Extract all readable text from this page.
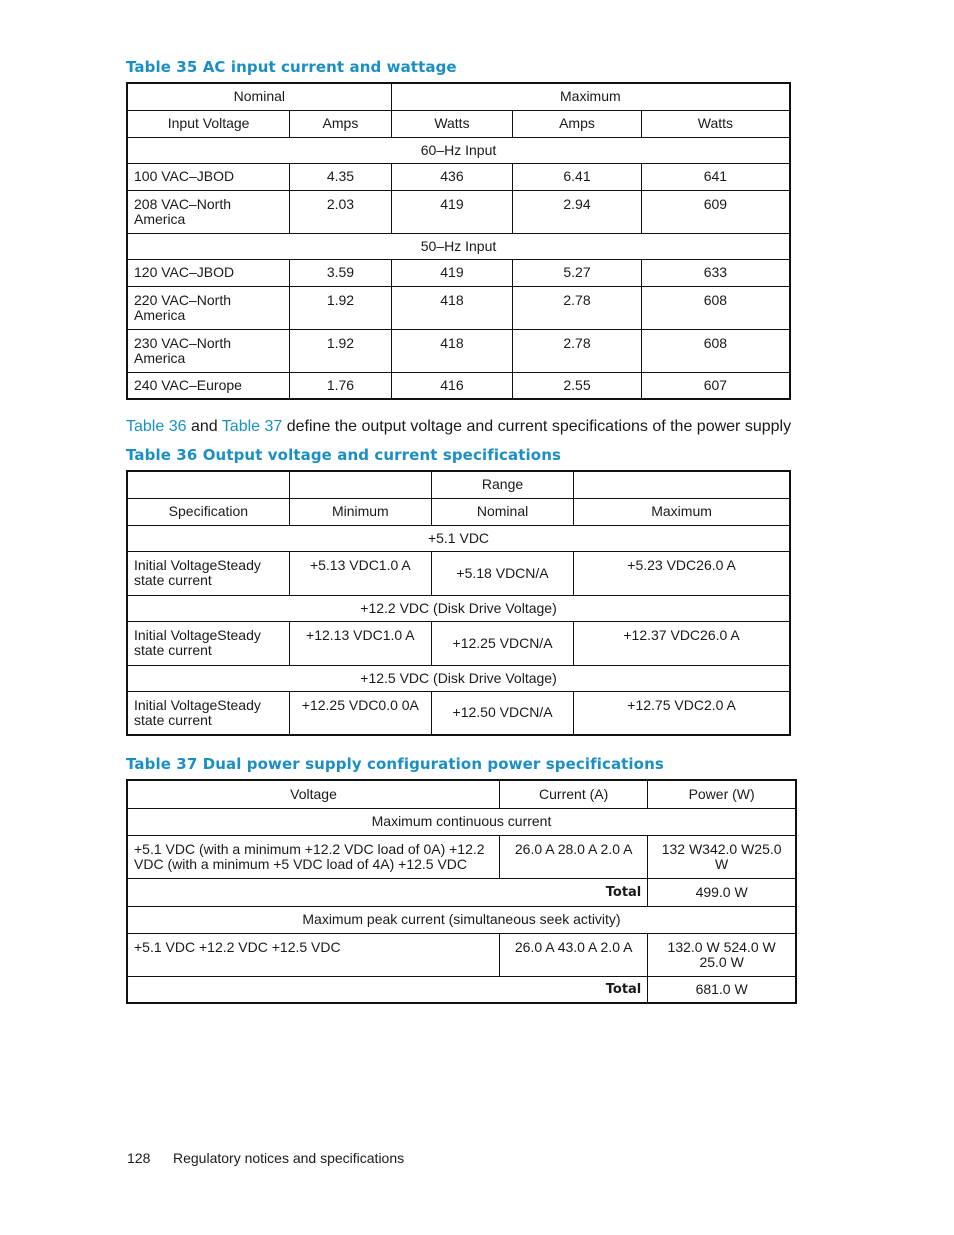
Table 35 AC input current and wattage
Nominal		Maximum		
Input Voltage	Amps	Watts	Amps	Watts
60–Hz Input				
100 VAC–JBOD	4.35	436	6.41	641
208 VAC–North America	2.03	419	2.94	609
50–Hz Input				
120 VAC–JBOD	3.59	419	5.27	633
220 VAC–North America	1.92	418	2.78	608
230 VAC–North America	1.92	418	2.78	608
240 VAC–Europe	1.76	416	2.55	607
Table 36 and Table 37 define the output voltage and current specifications of the power supply
Table 36 Output voltage and current specifications
		Range	
Specification	Minimum	Nominal	Maximum
+5.1 VDC			
Initial VoltageSteady state current	+5.13 VDC1.0 A	+5.18 VDCN/A	+5.23 VDC26.0 A
+12.2 VDC (Disk Drive Voltage)			
Initial VoltageSteady state current	+12.13 VDC1.0 A	+12.25 VDCN/A	+12.37 VDC26.0 A
+12.5 VDC (Disk Drive Voltage)			
Initial VoltageSteady state current	+12.25 VDC0.0 0A	+12.50 VDCN/A	+12.75 VDC2.0 A
Table 37 Dual power supply configuration power specifications
Voltage	Current (A)	Power (W)
Maximum continuous current		
+5.1 VDC (with a minimum +12.2 VDC load of 0A) +12.2 VDC (with a minimum +5 VDC load of 4A) +12.5 VDC	26.0 A 28.0 A 2.0 A	132 W342.0 W25.0 W
Total		499.0 W
Maximum peak current (simultaneous seek activity)		
+5.1 VDC +12.2 VDC +12.5 VDC	26.0 A 43.0 A 2.0 A	132.0 W 524.0 W 25.0 W
Total		681.0 W
128 Regulatory notices and specifications
